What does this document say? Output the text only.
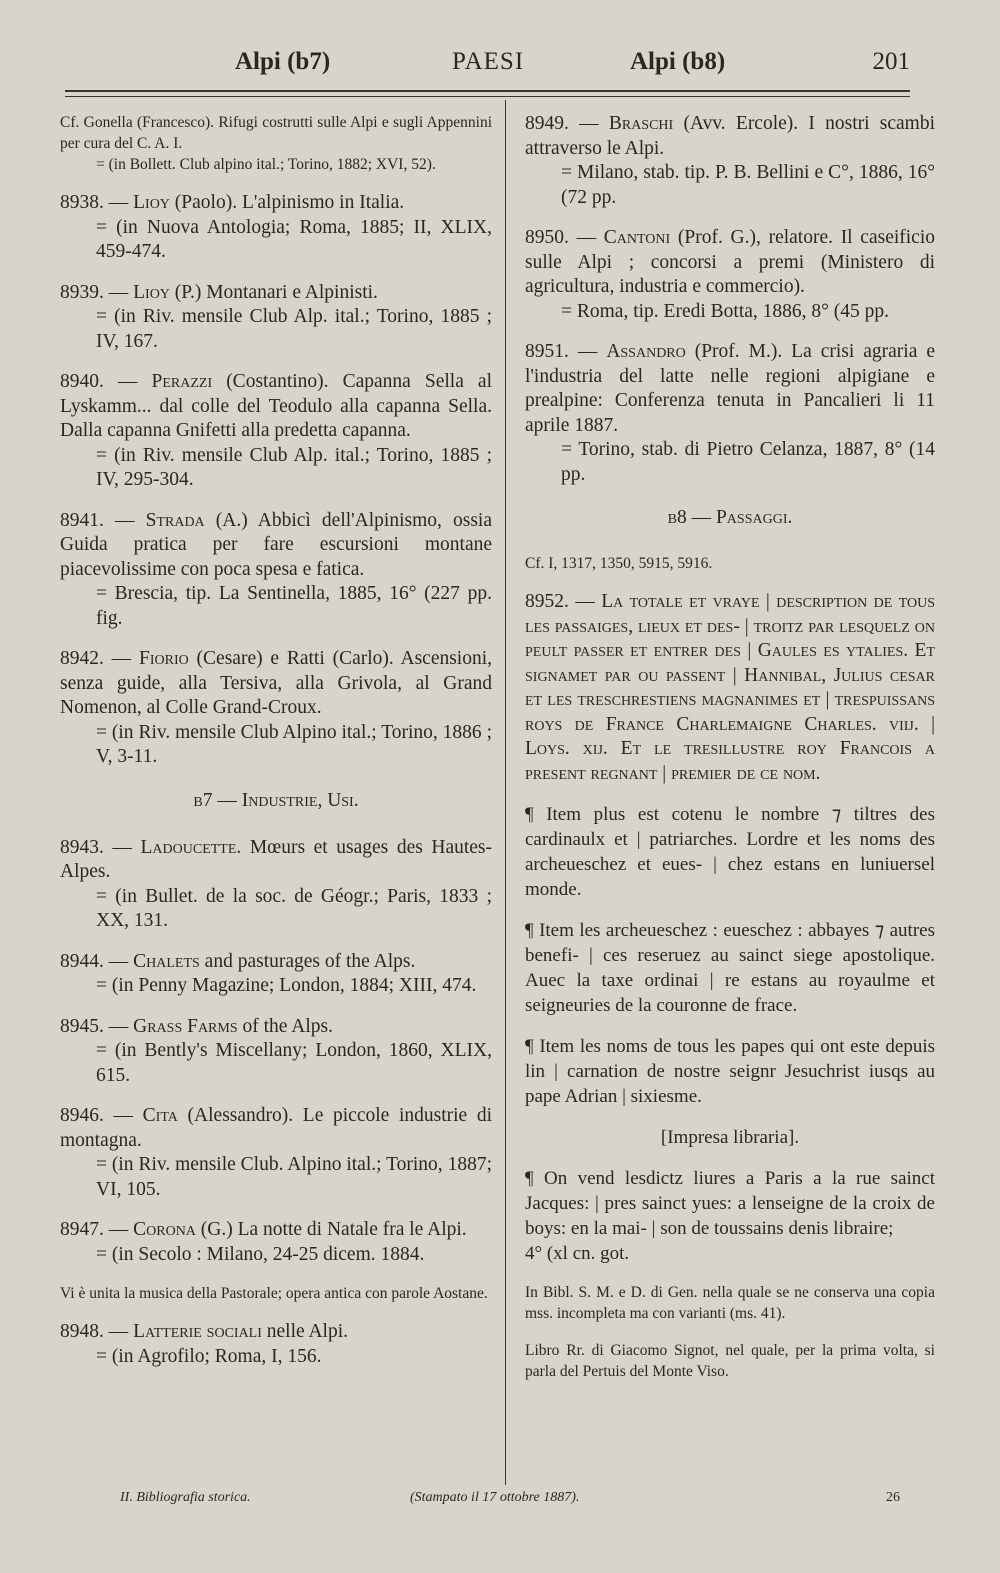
Alpi (b7)	PAESI	Alpi (b8)	201

Cf. Gonella (Francesco). Rifugi costrutti sulle Alpi e sugli Appennini per cura del C. A. I.

= (in Bollett. Club alpino ital.; Torino, 1882; XVI, 52).

8938. — Lioy (Paolo). L'alpinismo in Italia.

= (in Nuova Antologia; Roma, 1885; II, XLIX, 459-474.

8939. — Lioy (P.) Montanari e Alpinisti.

= (in Riv. mensile Club Alp. ital.; Torino, 1885 ; IV, 167.

8940. — Perazzi (Costantino). Capanna Sella al Lyskamm... dal colle del Teodulo alla capanna Sella. Dalla capanna Gnifetti alla predetta capanna.

= (in Riv. mensile Club Alp. ital.; Torino, 1885 ; IV, 295-304.

8941. — Strada (A.) Abbicì dell'Alpinismo, ossia Guida pratica per fare escursioni montane piacevolissime con poca spesa e fatica.

= Brescia, tip. La Sentinella, 1885, 16° (227 pp. fig.

8942. — Fiorio (Cesare) e Ratti (Carlo). Ascensioni, senza guide, alla Tersiva, alla Grivola, al Grand Nomenon, al Colle Grand-Croux.

= (in Riv. mensile Club Alpino ital.; Torino, 1886 ; V, 3-11.

b7 — Industrie, Usi.

8943. — Ladoucette. Mœurs et usages des Hautes-Alpes.

= (in Bullet. de la soc. de Géogr.; Paris, 1833 ; XX, 131.

8944. — Chalets and pasturages of the Alps.

= (in Penny Magazine; London, 1884; XIII, 474.

8945. — Grass Farms of the Alps.

= (in Bently's Miscellany; London, 1860, XLIX, 615.

8946. — Cita (Alessandro). Le piccole industrie di montagna.

= (in Riv. mensile Club. Alpino ital.; Torino, 1887; VI, 105.

8947. — Corona (G.) La notte di Natale fra le Alpi.

= (in Secolo : Milano, 24-25 dicem. 1884.

Vi è unita la musica della Pastorale; opera antica con parole Aostane.

8948. — Latterie sociali nelle Alpi.

= (in Agrofilo; Roma, I, 156.

8949. — Braschi (Avv. Ercole). I nostri scambi attraverso le Alpi.

= Milano, stab. tip. P. B. Bellini e C°, 1886, 16° (72 pp.

8950. — Cantoni (Prof. G.), relatore. Il caseificio sulle Alpi ; concorsi a premi (Ministero di agricultura, industria e commercio).

= Roma, tip. Eredi Botta, 1886, 8° (45 pp.

8951. — Assandro (Prof. M.). La crisi agraria e l'industria del latte nelle regioni alpigiane e prealpine: Conferenza tenuta in Pancalieri li 11 aprile 1887.

= Torino, stab. di Pietro Celanza, 1887, 8° (14 pp.

b8 — Passaggi.
Cf. I, 1317, 1350, 5915, 5916.

8952. — La totale et vraye | description de tous les passaiges, lieux et des- | troitz par lesquelz on peult passer et entrer des | Gaules es ytalies. Et signamet par ou passent | Hannibal, Julius cesar et les treschrestiens magnanimes et | trespuissans roys de France Charlemaigne Charles. viij. | Loys. xij. Et le tresillustre roy Francois a present regnant | premier de ce nom.

¶ Item plus est cotenu le nombre ⁊ tiltres des cardinaulx et | patriarches. Lordre et les noms des archeueschez et eues- | chez estans en luniuersel monde.
¶ Item les archeueschez : eueschez : abbayes ⁊ autres benefi- | ces reseruez au sainct siege apostolique. Auec la taxe ordinai | re estans au royaulme et seigneuries de la couronne de frace.
¶ Item les noms de tous les papes qui ont este depuis lin | carnation de nostre seignr Jesuchrist iusqs au pape Adrian | sixiesme.
[Impresa libraria].
¶ On vend lesdictz liures a Paris a la rue sainct Jacques: | pres sainct yues: a lenseigne de la croix de boys: en la mai- | son de toussains denis libraire;
4° (xl cn. got.
In Bibl. S. M. e D. di Gen. nella quale se ne conserva una copia mss. incompleta ma con varianti (ms. 41).
Libro Rr. di Giacomo Signot, nel quale, per la prima volta, si parla del Pertuis del Monte Viso.
II. Bibliografia storica.	(Stampato il 17 ottobre 1887).	26
